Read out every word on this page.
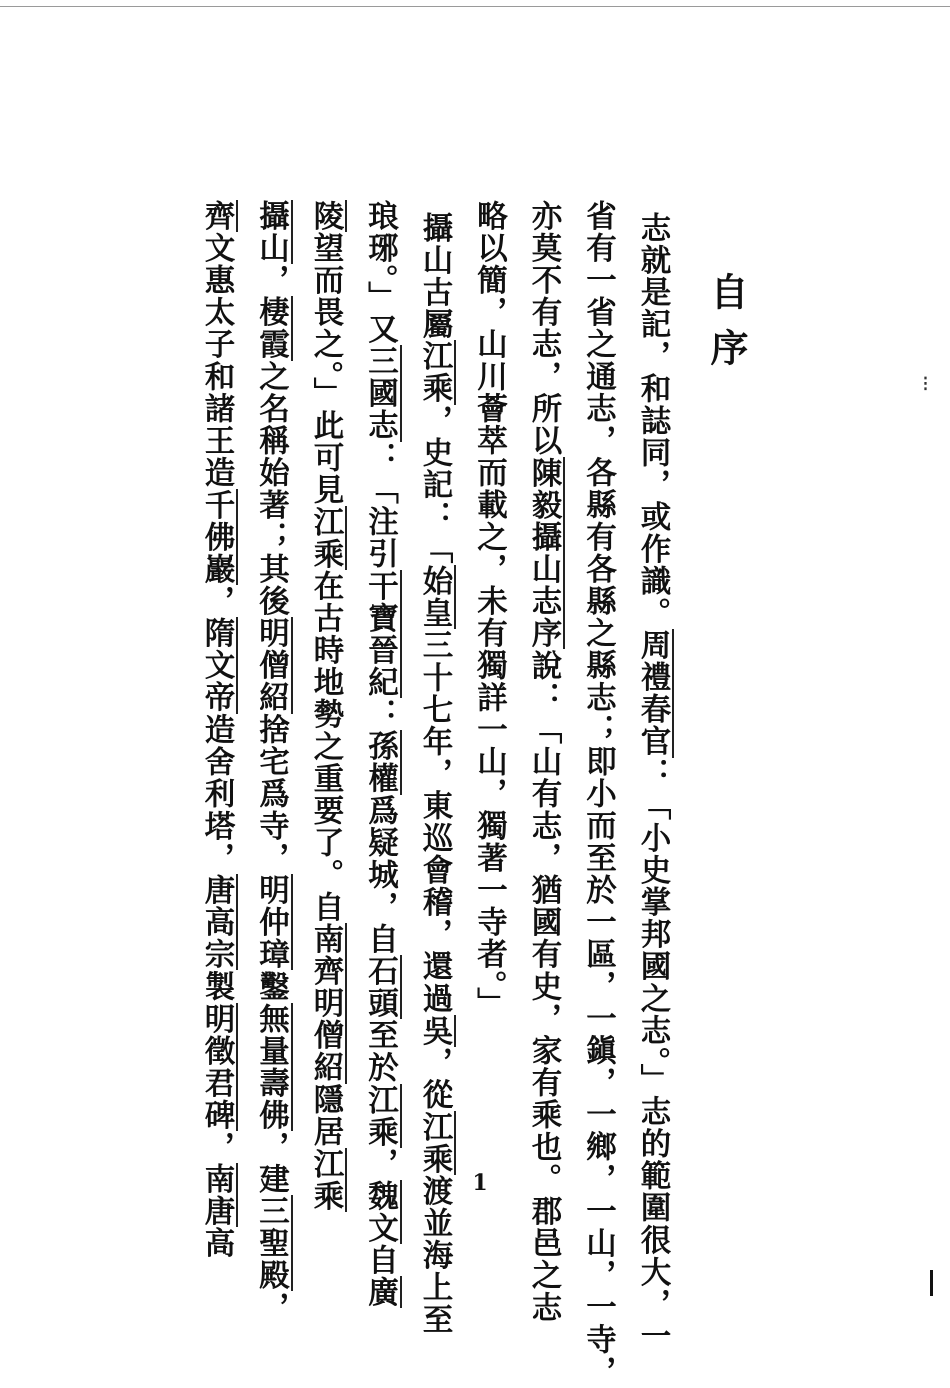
自序
志就是記，和誌同，或作識。周禮春官：「小史掌邦國之志。」志的範圍很大，一
省有一省之通志，各縣有各縣之縣志；即小而至於一區，一鎭，一鄉，一山，一寺，
亦莫不有志，所以陳毅攝山志序說：「山有志，猶國有史，家有乘也。郡邑之志
略以簡，山川薈萃而載之，未有獨詳一山，獨著一寺者。」
攝山古屬江乘，史記：「始皇三十七年，東巡會稽，還過吳，從江乘渡並海上至
琅琊。」又三國志：「注引干寶晉紀：孫權爲疑城，自石頭至於江乘，魏文自廣
陵望而畏之。」此可見江乘在古時地勢之重要了。自南齊明僧紹隱居江乘
攝山，棲霞之名稱始著；其後明僧紹捨宅爲寺，明仲璋鑿無量壽佛，建三聖殿，
齊文惠太子和諸王造千佛巖，隋文帝造舍利塔，唐高宗製明徵君碑，南唐高
1
⁝
